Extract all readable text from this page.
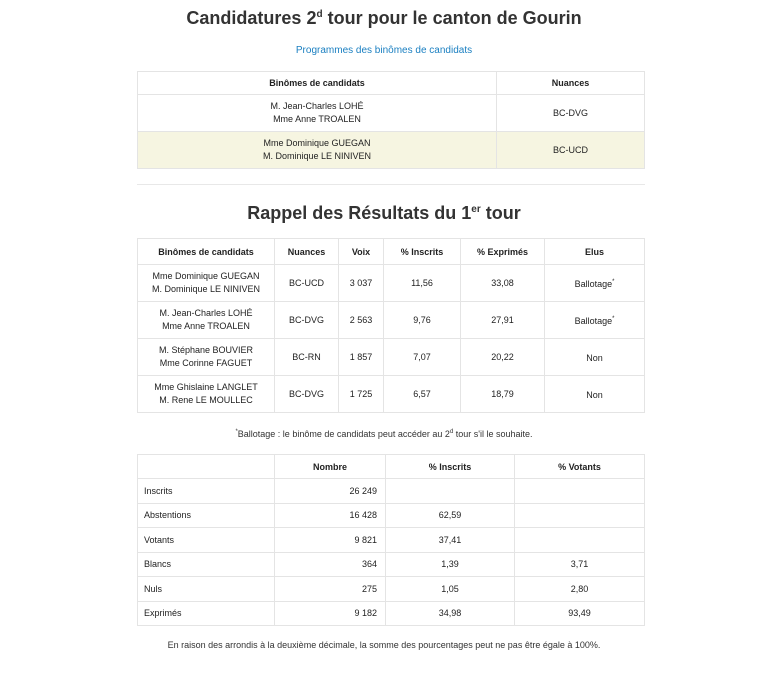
Candidatures 2$^d$ tour pour le canton de Gourin
Programmes des binômes de candidats
Binômes de candidats	Nuances
M. Jean-Charles LOHÉ
Mme Anne TROALEN	BC-DVG
Mme Dominique GUEGAN
M. Dominique LE NINIVEN	BC-UCD
Rappel des Résultats du 1er tour
Binômes de candidats	Nuances	Voix	% Inscrits	% Exprimés	Elus
Mme Dominique GUEGAN
M. Dominique LE NINIVEN	BC-UCD	3 037	11,56	33,08	Ballotage*
M. Jean-Charles LOHÉ
Mme Anne TROALEN	BC-DVG	2 563	9,76	27,91	Ballotage*
M. Stéphane BOUVIER
Mme Corinne FAGUET	BC-RN	1 857	7,07	20,22	Non
Mme Ghislaine LANGLET
M. Rene LE MOULLEC	BC-DVG	1 725	6,57	18,79	Non
*Ballotage : le binôme de candidats peut accéder au 2$^d$ tour s'il le souhaite.
	Nombre	% Inscrits	% Votants
Inscrits	26 249		
Abstentions	16 428	62,59	
Votants	9 821	37,41	
Blancs	364	1,39	3,71
Nuls	275	1,05	2,80
Exprimés	9 182	34,98	93,49
En raison des arrondis à la deuxième décimale, la somme des pourcentages peut ne pas être égale à 100%.
